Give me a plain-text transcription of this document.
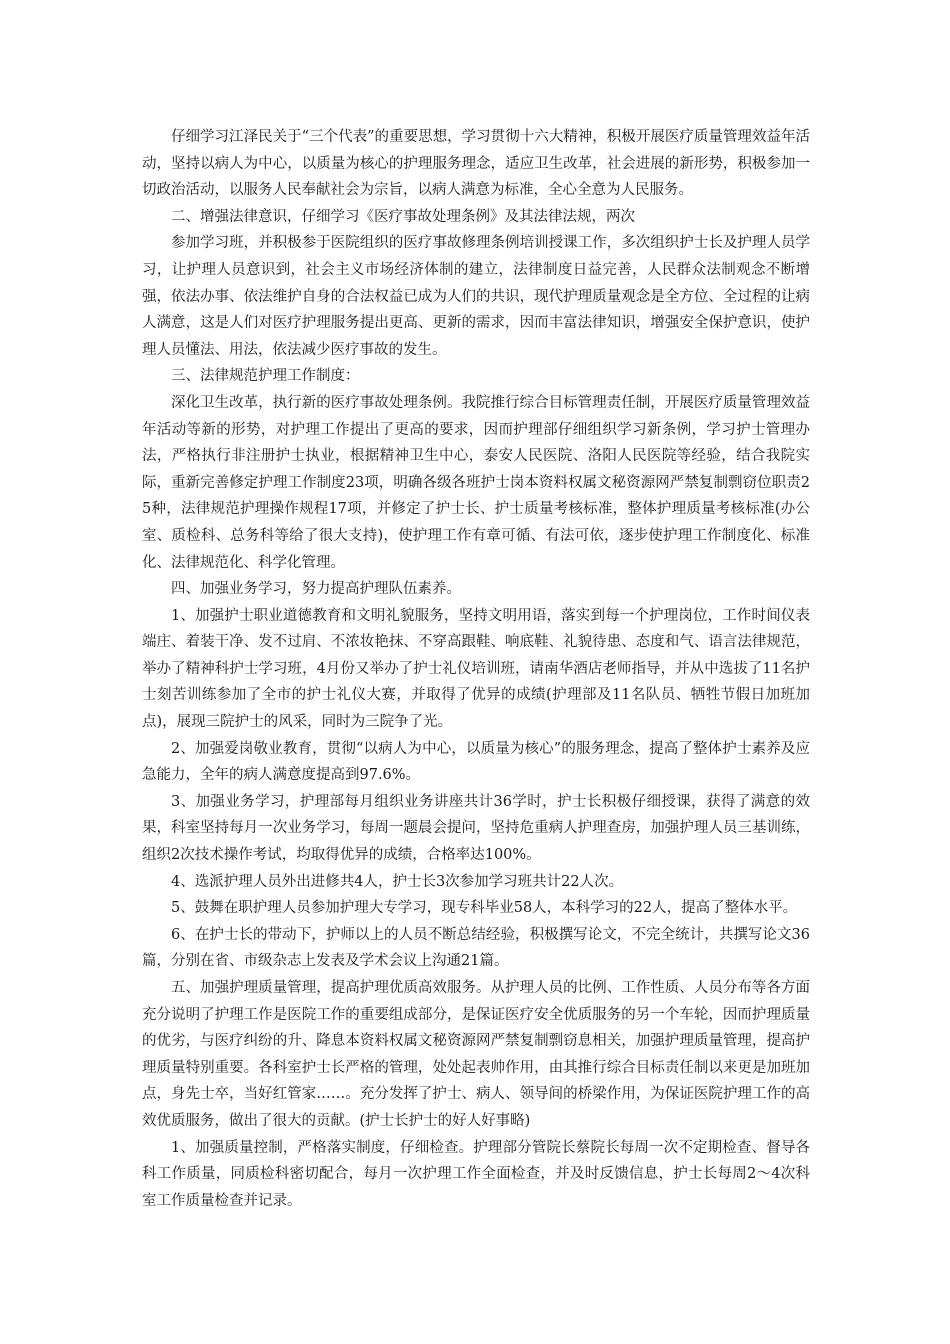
仔细学习江泽民关于“三个代表”的重要思想，学习贯彻十六大精神，积极开展医疗质量管理效益年活动，坚持以病人为中心，以质量为核心的护理服务理念，适应卫生改革，社会进展的新形势，积极参加一切政治活动，以服务人民奉献社会为宗旨，以病人满意为标准，全心全意为人民服务。

二、增强法律意识，仔细学习《医疗事故处理条例》及其法律法规，两次

参加学习班，并积极参于医院组织的医疗事故修理条例培训授课工作，多次组织护士长及护理人员学习，让护理人员意识到，社会主义市场经济体制的建立，法律制度日益完善，人民群众法制观念不断增强，依法办事、依法维护自身的合法权益已成为人们的共识，现代护理质量观念是全方位、全过程的让病人满意，这是人们对医疗护理服务提出更高、更新的需求，因而丰富法律知识，增强安全保护意识，使护理人员懂法、用法，依法减少医疗事故的发生。

三、法律规范护理工作制度：

深化卫生改革，执行新的医疗事故处理条例。我院推行综合目标管理责任制，开展医疗质量管理效益年活动等新的形势，对护理工作提出了更高的要求，因而护理部仔细组织学习新条例，学习护士管理办法，严格执行非注册护士执业，根据精神卫生中心，泰安人民医院、洛阳人民医院等经验，结合我院实际，重新完善修定护理工作制度23项，明确各级各班护士岗本资料权属文秘资源网严禁复制剽窃位职责25种，法律规范护理操作规程17项，并修定了护士长、护士质量考核标准，整体护理质量考核标准(办公室、质检科、总务科等给了很大支持)，使护理工作有章可循、有法可依，逐步使护理工作制度化、标准化、法律规范化、科学化管理。

四、加强业务学习，努力提高护理队伍素养。

1、加强护士职业道德教育和文明礼貌服务，坚持文明用语，落实到每一个护理岗位，工作时间仪表端庄、着装干净、发不过肩、不浓妆艳抹、不穿高跟鞋、响底鞋、礼貌待患、态度和气、语言法律规范，举办了精神科护士学习班，4月份又举办了护士礼仪培训班，请南华酒店老师指导，并从中选拔了11名护士刻苦训练参加了全市的护士礼仪大赛，并取得了优异的成绩(护理部及11名队员、牺牲节假日加班加点)，展现三院护士的风采，同时为三院争了光。

2、加强爱岗敬业教育，贯彻“以病人为中心，以质量为核心”的服务理念，提高了整体护士素养及应急能力，全年的病人满意度提高到97.6%。

3、加强业务学习，护理部每月组织业务讲座共计36学时，护士长积极仔细授课，获得了满意的效果，科室坚持每月一次业务学习，每周一题晨会提问，坚持危重病人护理查房，加强护理人员三基训练，组织2次技术操作考试，均取得优异的成绩，合格率达100%。

4、选派护理人员外出进修共4人，护士长3次参加学习班共计22人次。

5、鼓舞在职护理人员参加护理大专学习，现专科毕业58人，本科学习的22人，提高了整体水平。

6、在护士长的带动下，护师以上的人员不断总结经验，积极撰写论文，不完全统计，共撰写论文36篇，分别在省、市级杂志上发表及学术会议上沟通21篇。

五、加强护理质量管理，提高护理优质高效服务。从护理人员的比例、工作性质、人员分布等各方面充分说明了护理工作是医院工作的重要组成部分，是保证医疗安全优质服务的另一个车轮，因而护理质量的优劣，与医疗纠纷的升、降息本资料权属文秘资源网严禁复制剽窃息相关，加强护理质量管理，提高护理质量特别重要。各科室护士长严格的管理，处处起表帅作用，由其推行综合目标责任制以来更是加班加点，身先士卒，当好红管家……。充分发挥了护士、病人、领导间的桥梁作用，为保证医院护理工作的高效优质服务，做出了很大的贡献。(护士长护士的好人好事略)

1、加强质量控制，严格落实制度，仔细检查。护理部分管院长蔡院长每周一次不定期检查、督导各科工作质量，同质检科密切配合，每月一次护理工作全面检查，并及时反馈信息，护士长每周2～4次科室工作质量检查并记录。
